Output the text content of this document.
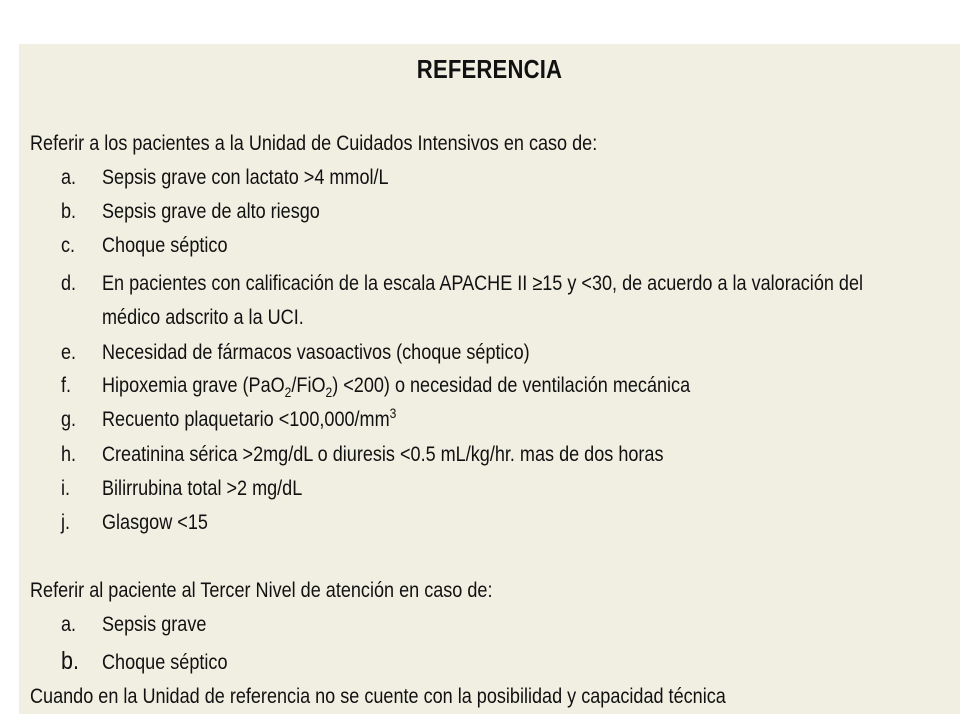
REFERENCIA
Referir a los pacientes a la Unidad de Cuidados Intensivos en caso de:
a. Sepsis grave con lactato >4 mmol/L
b. Sepsis grave de alto riesgo
c. Choque séptico
d. En pacientes con calificación de la escala APACHE II ≥15 y <30, de acuerdo a la valoración del
médico adscrito a la UCI.
e. Necesidad de fármacos vasoactivos (choque séptico)
f. Hipoxemia grave (PaO$_2$/FiO$_2$) <200) o necesidad de ventilación mecánica
g. Recuento plaquetario $<100,000/mm^3$
h. Creatinina sérica >2mg/dL o diuresis <0.5 mL/kg/hr. mas de dos horas
i. Bilirrubina total >2 mg/dL
j. Glasgow <15
Referir al paciente al Tercer Nivel de atención en caso de:
a. Sepsis grave
b. Choque séptico
Cuando en la Unidad de referencia no se cuente con la posibilidad y capacidad técnica
